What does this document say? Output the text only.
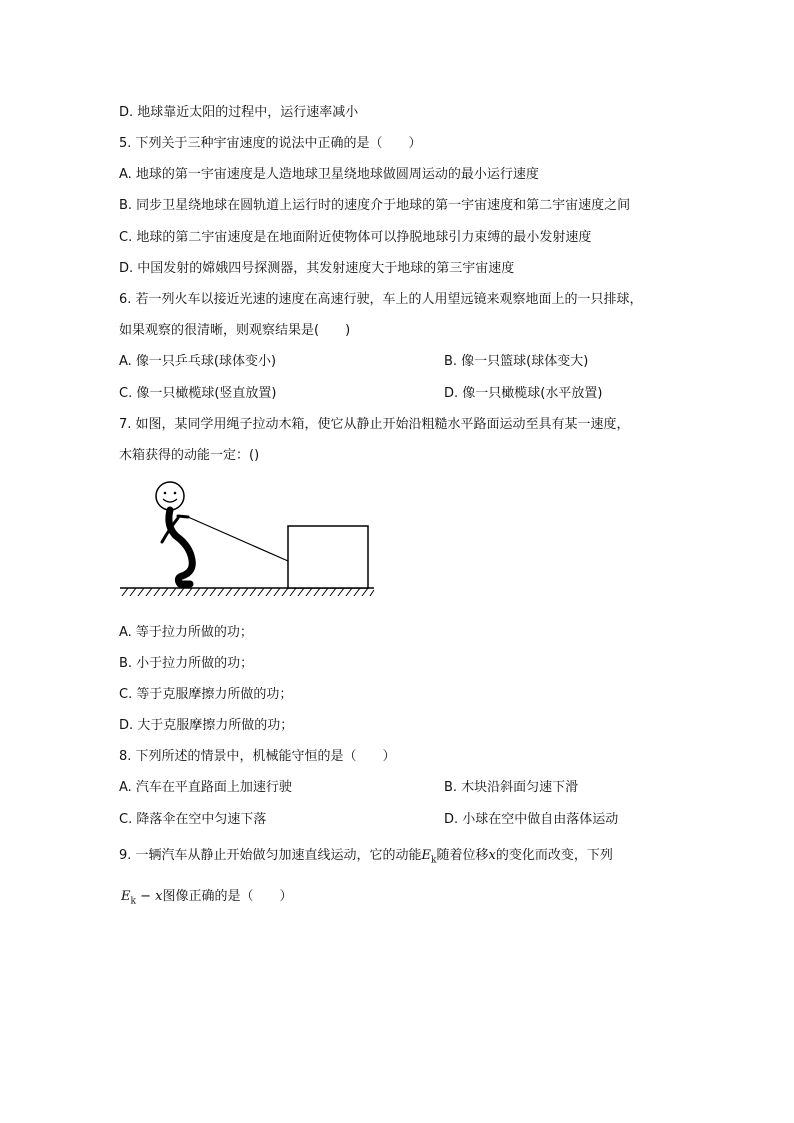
D. 地球靠近太阳的过程中，运行速率减小
5. 下列关于三种宇宙速度的说法中正确的是（　　）
A. 地球的第一宇宙速度是人造地球卫星绕地球做圆周运动的最小运行速度
B. 同步卫星绕地球在圆轨道上运行时的速度介于地球的第一宇宙速度和第二宇宙速度之间
C. 地球的第二宇宙速度是在地面附近使物体可以挣脱地球引力束缚的最小发射速度
D. 中国发射的嫦娥四号探测器，其发射速度大于地球的第三宇宙速度
6. 若一列火车以接近光速的速度在高速行驶，车上的人用望远镜来观察地面上的一只排球，
如果观察的很清晰，则观察结果是(　　)
A. 像一只乒乓球(球体变小)	B. 像一只篮球(球体变大)
C. 像一只橄榄球(竖直放置)	D. 像一只橄榄球(水平放置)
7. 如图，某同学用绳子拉动木箱，使它从静止开始沿粗糙水平路面运动至具有某一速度，
木箱获得的动能一定：()
A. 等于拉力所做的功；
B. 小于拉力所做的功；
C. 等于克服摩擦力所做的功；
D. 大于克服摩擦力所做的功；
8. 下列所述的情景中，机械能守恒的是（　　）
A. 汽车在平直路面上加速行驶	B. 木块沿斜面匀速下滑
C. 降落伞在空中匀速下落	D. 小球在空中做自由落体运动
9. 一辆汽车从静止开始做匀加速直线运动，它的动能$E_k$随着位移x的变化而改变，下列
$E_k - x$图像正确的是（　　）
